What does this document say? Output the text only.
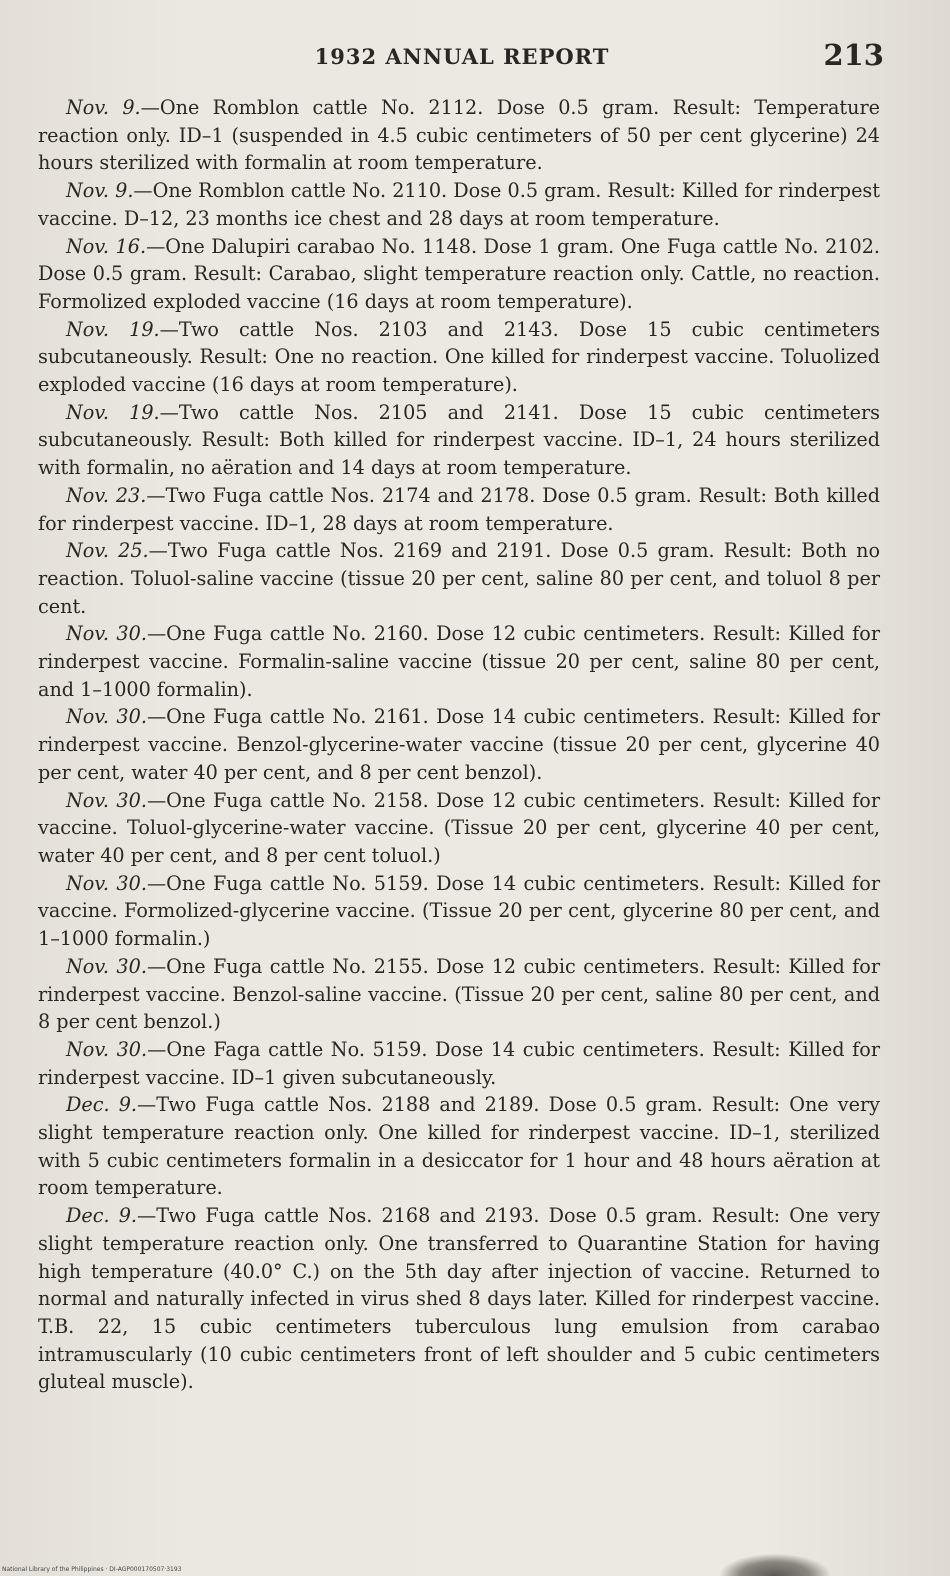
1932 ANNUAL REPORT	213

Nov. 9.—One Romblon cattle No. 2112. Dose 0.5 gram. Result: Temperature reaction only. ID–1 (suspended in 4.5 cubic centimeters of 50 per cent glycerine) 24 hours sterilized with formalin at room temperature.

Nov. 9.—One Romblon cattle No. 2110. Dose 0.5 gram. Result: Killed for rinderpest vaccine. D–12, 23 months ice chest and 28 days at room temperature.

Nov. 16.—One Dalupiri carabao No. 1148. Dose 1 gram. One Fuga cattle No. 2102. Dose 0.5 gram. Result: Carabao, slight temperature reaction only. Cattle, no reaction. Formolized exploded vaccine (16 days at room temperature).

Nov. 19.—Two cattle Nos. 2103 and 2143. Dose 15 cubic centimeters subcutaneously. Result: One no reaction. One killed for rinderpest vaccine. Toluolized exploded vaccine (16 days at room temperature).

Nov. 19.—Two cattle Nos. 2105 and 2141. Dose 15 cubic centimeters subcutaneously. Result: Both killed for rinderpest vaccine. ID–1, 24 hours sterilized with formalin, no aëration and 14 days at room temperature.

Nov. 23.—Two Fuga cattle Nos. 2174 and 2178. Dose 0.5 gram. Result: Both killed for rinderpest vaccine. ID–1, 28 days at room temperature.

Nov. 25.—Two Fuga cattle Nos. 2169 and 2191. Dose 0.5 gram. Result: Both no reaction. Toluol-saline vaccine (tissue 20 per cent, saline 80 per cent, and toluol 8 per cent.

Nov. 30.—One Fuga cattle No. 2160. Dose 12 cubic centimeters. Result: Killed for rinderpest vaccine. Formalin-saline vaccine (tissue 20 per cent, saline 80 per cent, and 1–1000 formalin).

Nov. 30.—One Fuga cattle No. 2161. Dose 14 cubic centimeters. Result: Killed for rinderpest vaccine. Benzol-glycerine-water vaccine (tissue 20 per cent, glycerine 40 per cent, water 40 per cent, and 8 per cent benzol).

Nov. 30.—One Fuga cattle No. 2158. Dose 12 cubic centimeters. Result: Killed for vaccine. Toluol-glycerine-water vaccine. (Tissue 20 per cent, glycerine 40 per cent, water 40 per cent, and 8 per cent toluol.)

Nov. 30.—One Fuga cattle No. 5159. Dose 14 cubic centimeters. Result: Killed for vaccine. Formolized-glycerine vaccine. (Tissue 20 per cent, glycerine 80 per cent, and 1–1000 formalin.)

Nov. 30.—One Fuga cattle No. 2155. Dose 12 cubic centimeters. Result: Killed for rinderpest vaccine. Benzol-saline vaccine. (Tissue 20 per cent, saline 80 per cent, and 8 per cent benzol.)

Nov. 30.—One Faga cattle No. 5159. Dose 14 cubic centimeters. Result: Killed for rinderpest vaccine. ID–1 given subcutaneously.

Dec. 9.—Two Fuga cattle Nos. 2188 and 2189. Dose 0.5 gram. Result: One very slight temperature reaction only. One killed for rinderpest vaccine. ID–1, sterilized with 5 cubic centimeters formalin in a desiccator for 1 hour and 48 hours aëration at room temperature.

Dec. 9.—Two Fuga cattle Nos. 2168 and 2193. Dose 0.5 gram. Result: One very slight temperature reaction only. One transferred to Quarantine Station for having high temperature (40.0° C.) on the 5th day after injection of vaccine. Returned to normal and naturally infected in virus shed 8 days later. Killed for rinderpest vaccine. T.B. 22, 15 cubic centimeters tuberculous lung emulsion from carabao intramuscularly (10 cubic centimeters front of left shoulder and 5 cubic centimeters gluteal muscle).

National Library of the Philippines · DI-AGP000170507·3193
